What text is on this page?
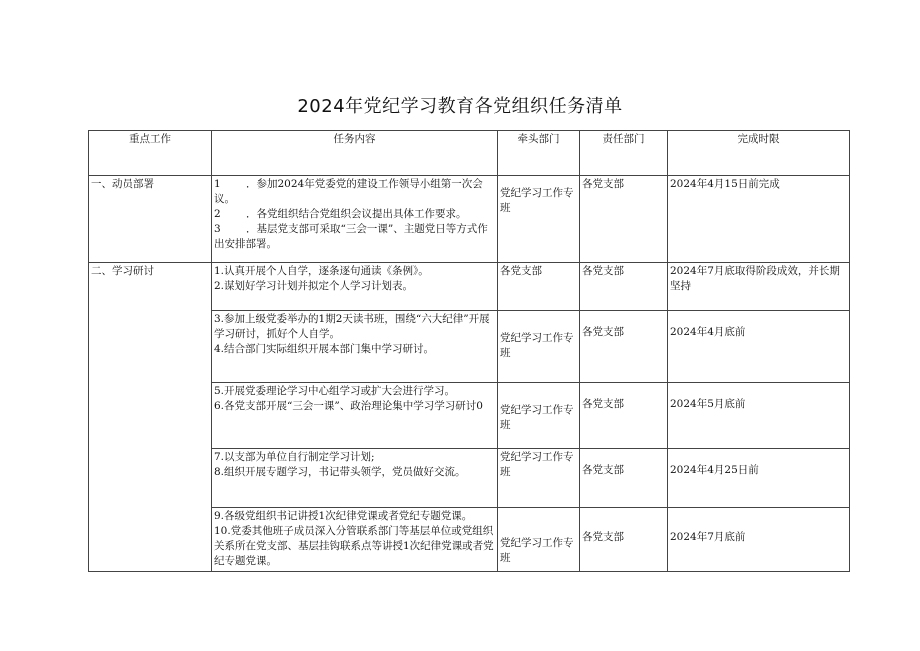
2024年党纪学习教育各党组织任务清单
重点工作	任务内容	牵头部门	责任部门	完成时限
一、动员部署	1 ．参加2024年党委党的建设工作领导小组第一次会议。
2 ．各党组织结合党组织会议提出具体工作要求。
3 ．基层党支部可采取“三会一课”、主题党日等方式作出安排部署。	党纪学习工作专班	各党支部	2024年4月15日前完成
二、学习研讨	1.认真开展个人自学，逐条逐句通读《条例》。
2.谋划好学习计划并拟定个人学习计划表。	各党支部	各党支部	2024年7月底取得阶段成效，并长期坚持

	3.参加上级党委举办的1期2天读书班，围绕“六大纪律”开展学习研讨，抓好个人自学。
4.结合部门实际组织开展本部门集中学习研讨。	党纪学习工作专班	各党支部	2024年4月底前

	5.开展党委理论学习中心组学习或扩大会进行学习。
6.各党支部开展“三会一课”、政治理论集中学习学习研讨0	党纪学习工作专班	各党支部	2024年5月底前

	7.以支部为单位自行制定学习计划;
8.组织开展专题学习，书记带头领学，党员做好交流。	党纪学习工作专班	各党支部	2024年4月25日前

	9.各级党组织书记讲授1次纪律党课或者党纪专题党课。
10.党委其他班子成员深入分管联系部门等基层单位或党组织关系所在党支部、基层挂钩联系点等讲授1次纪律党课或者党纪专题党课。	党纪学习工作专班	各党支部	2024年7月底前
